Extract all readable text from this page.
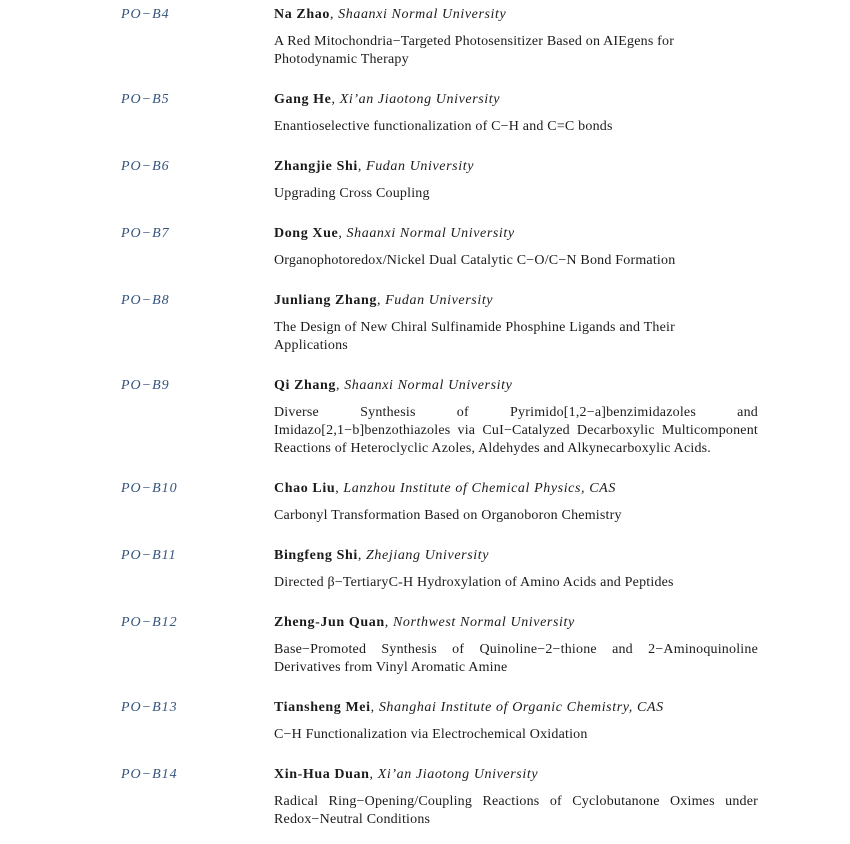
PO−B4	Na Zhao, Shaanxi Normal University
A Red Mitochondria−Targeted Photosensitizer Based on AIEgens for
Photodynamic Therapy
PO−B5	Gang He, Xi’an Jiaotong University
Enantioselective functionalization of C−H and C=C bonds
PO−B6	Zhangjie Shi, Fudan University
Upgrading Cross Coupling
PO−B7	Dong Xue, Shaanxi Normal University
Organophotoredox/Nickel Dual Catalytic C−O/C−N Bond Formation
PO−B8	Junliang Zhang, Fudan University
The Design of New Chiral Sulfinamide Phosphine Ligands and Their
Applications
PO−B9	Qi Zhang, Shaanxi Normal University
Diverse Synthesis of Pyrimido[1,2−a]benzimidazoles and
Imidazo[2,1−b]benzothiazoles via CuI−Catalyzed Decarboxylic Multicomponent
Reactions of Heteroclyclic Azoles, Aldehydes and Alkynecarboxylic Acids.
PO−B10	Chao Liu, Lanzhou Institute of Chemical Physics, CAS
Carbonyl Transformation Based on Organoboron Chemistry
PO−B11	Bingfeng Shi, Zhejiang University
Directed β−TertiaryC-H Hydroxylation of Amino Acids and Peptides
PO−B12	Zheng-Jun Quan, Northwest Normal University
Base−Promoted Synthesis of Quinoline−2−thione and 2−Aminoquinoline
Derivatives from Vinyl Aromatic Amine
PO−B13	Tiansheng Mei, Shanghai Institute of Organic Chemistry, CAS
C−H Functionalization via Electrochemical Oxidation
PO−B14	Xin-Hua Duan, Xi’an Jiaotong University
Radical Ring−Opening/Coupling Reactions of Cyclobutanone Oximes under
Redox−Neutral Conditions
